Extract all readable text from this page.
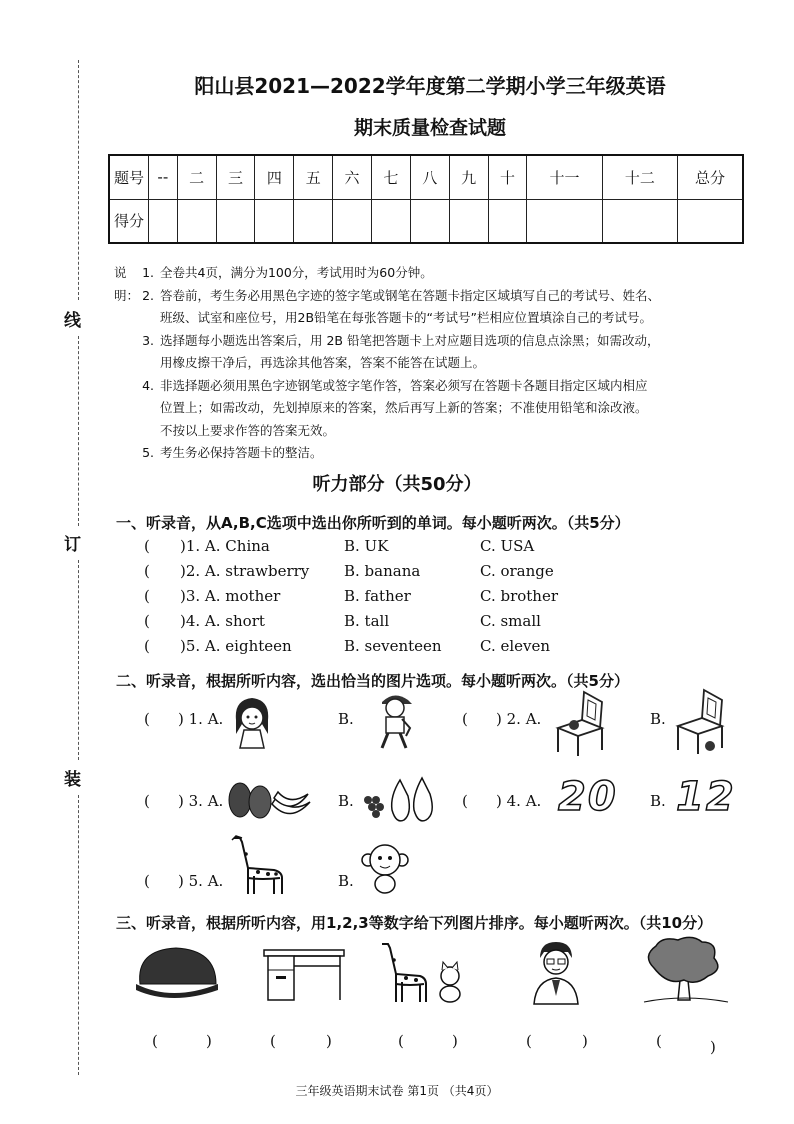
线
订
装
阳山县2021—2022学年度第二学期小学三年级英语
期末质量检查试题
题号	--	二	三	四	五	六	七	八	九	十	十一	十二	总分
得分													
说明：
1. 全卷共4页，满分为100分，考试用时为60分钟。
2. 答卷前，考生务必用黑色字迹的签字笔或钢笔在答题卡指定区域填写自己的考试号、姓名、
班级、试室和座位号，用2B铅笔在每张答题卡的“考试号”栏相应位置填涂自己的考试号。
3. 选择题每小题选出答案后，用 2B 铅笔把答题卡上对应题目选项的信息点涂黑；如需改动，
用橡皮擦干净后，再选涂其他答案，答案不能答在试题上。
4. 非选择题必须用黑色字迹钢笔或签字笔作答，答案必须写在答题卡各题目指定区域内相应
位置上；如需改动，先划掉原来的答案，然后再写上新的答案；不准使用铅笔和涂改液。
不按以上要求作答的答案无效。
5. 考生务必保持答题卡的整洁。
听力部分（共50分）
一、听录音，从A,B,C选项中选出你所听到的单词。每小题听两次。（共5分）
( )1. A. China	B. UK	C. USA
( )2. A. strawberry B. banana	C. orange
( )3. A. mother	B. father	C. brother
( )4. A. short	B. tall	C. small
( )5. A. eighteen	B. seventeen	C. eleven
二、听录音，根据所听内容，选出恰当的图片选项。每小题听两次。（共5分）
( ) 1. A.	B.	( ) 2. A.	B.
( ) 3. A.	B.	( ) 4. A. 20 B. 12
( ) 5. A.	B.
三、听录音，根据所听内容，用1,2,3等数字给下列图片排序。每小题听两次。（共10分）
(	)	(	)	(	)	(	)	(	)
三年级英语期末试卷 第1页 （共4页）
